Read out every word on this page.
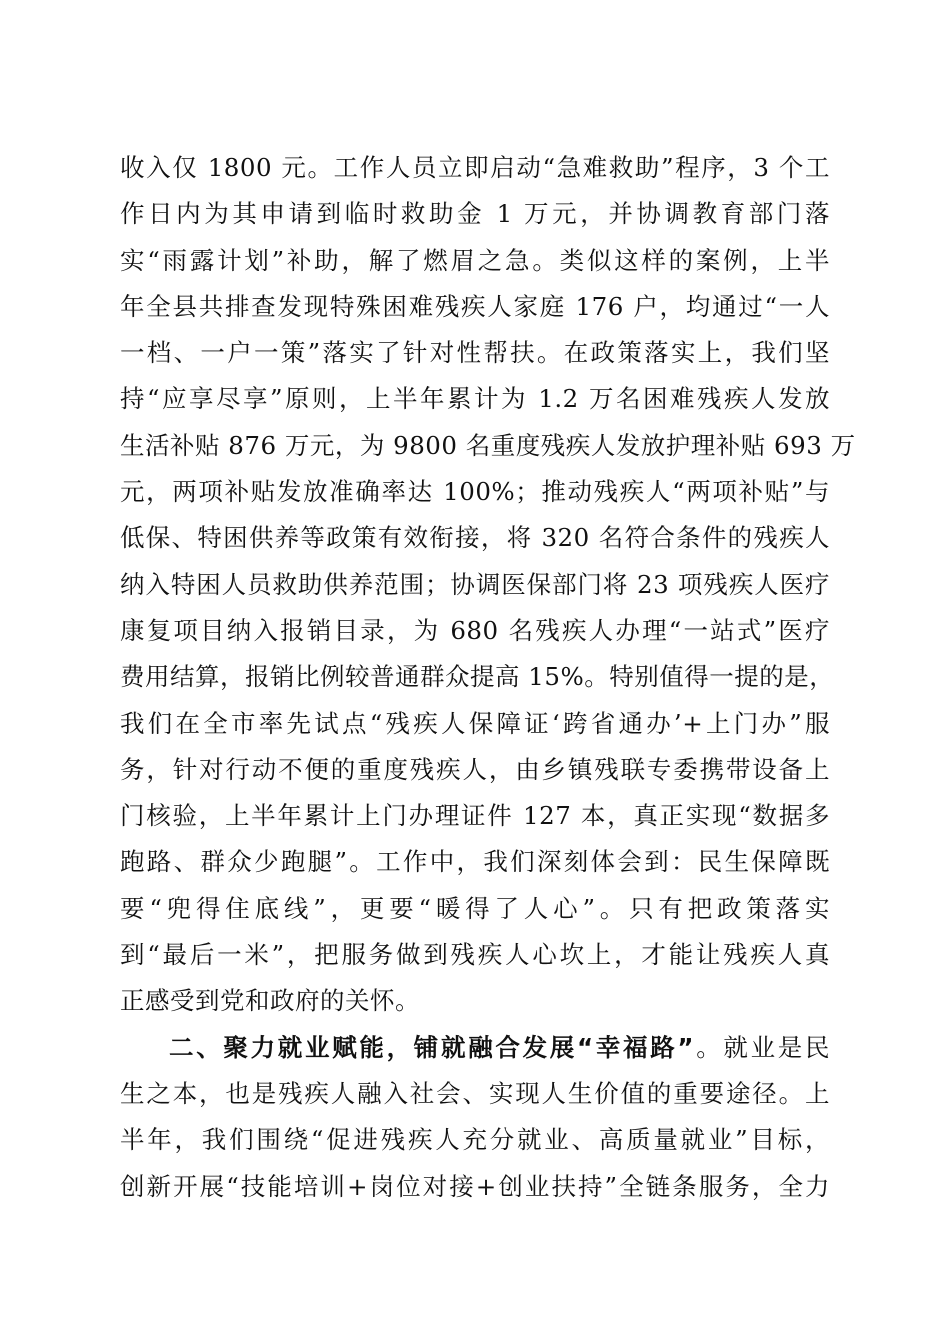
收入仅 1800 元。工作人员立即启动“急难救助”程序，3 个工
作日内为其申请到临时救助金 1 万元，并协调教育部门落
实“雨露计划”补助，解了燃眉之急。类似这样的案例，上半
年全县共排查发现特殊困难残疾人家庭 176 户，均通过“一人
一档、一户一策”落实了针对性帮扶。在政策落实上，我们坚
持“应享尽享”原则，上半年累计为 1.2 万名困难残疾人发放
生活补贴 876 万元，为 9800 名重度残疾人发放护理补贴 693 万
元，两项补贴发放准确率达 100%；推动残疾人“两项补贴”与
低保、特困供养等政策有效衔接，将 320 名符合条件的残疾人
纳入特困人员救助供养范围；协调医保部门将 23 项残疾人医疗
康复项目纳入报销目录，为 680 名残疾人办理“一站式”医疗
费用结算，报销比例较普通群众提高 15%。特别值得一提的是，
我们在全市率先试点“残疾人保障证‘跨省通办’+上门办”服
务，针对行动不便的重度残疾人，由乡镇残联专委携带设备上
门核验，上半年累计上门办理证件 127 本，真正实现“数据多
跑路、群众少跑腿”。工作中，我们深刻体会到：民生保障既
要“兜得住底线”，更要“暖得了人心”。只有把政策落实
到“最后一米”，把服务做到残疾人心坎上，才能让残疾人真
正感受到党和政府的关怀。
二、聚力就业赋能，铺就融合发展“幸福路”。就业是民
生之本，也是残疾人融入社会、实现人生价值的重要途径。上
半年，我们围绕“促进残疾人充分就业、高质量就业”目标，
创新开展“技能培训+岗位对接+创业扶持”全链条服务，全力
